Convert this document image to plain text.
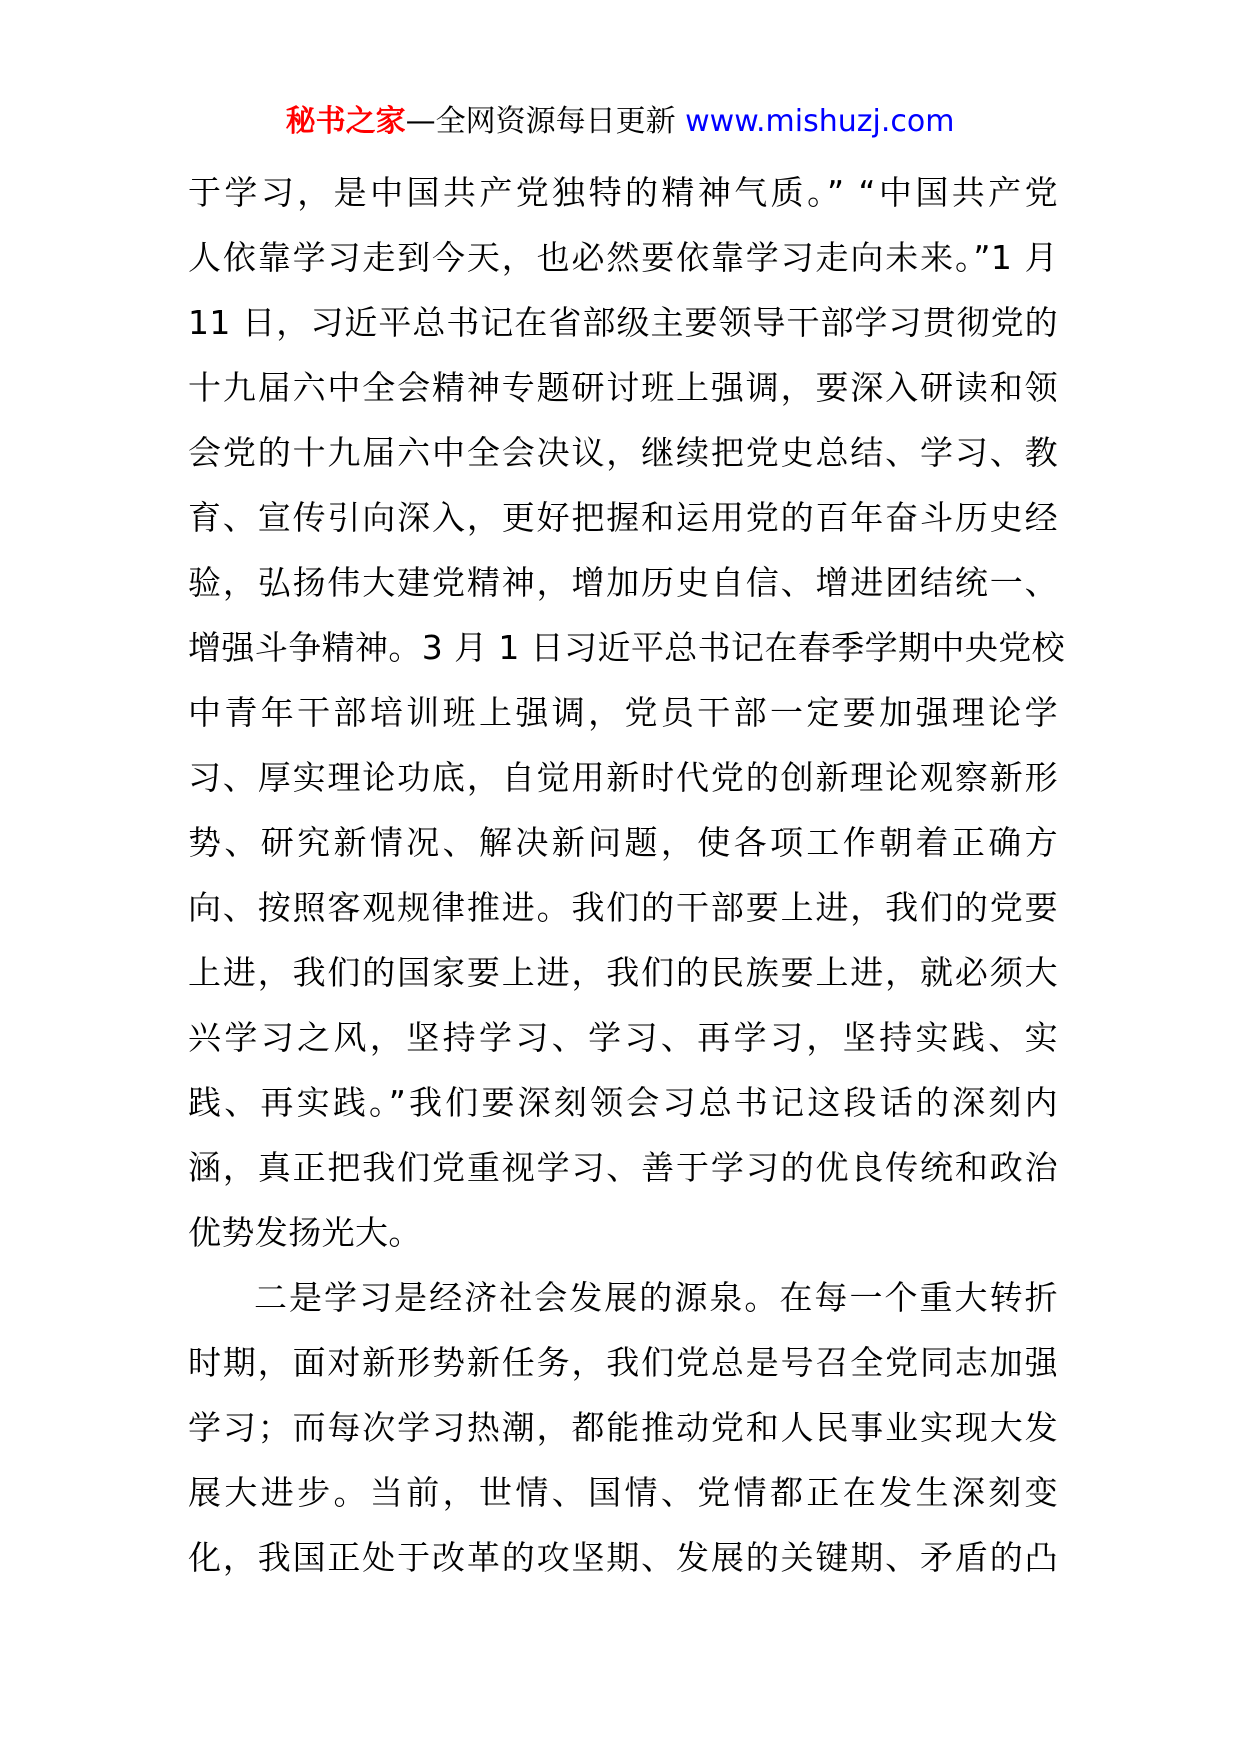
秘书之家—全网资源每日更新 www.mishuzj.com
于学习，是中国共产党独特的精神气质。” “中国共产党
人依靠学习走到今天，也必然要依靠学习走向未来。”1 月
11 日，习近平总书记在省部级主要领导干部学习贯彻党的
十九届六中全会精神专题研讨班上强调，要深入研读和领
会党的十九届六中全会决议，继续把党史总结、学习、教
育、宣传引向深入，更好把握和运用党的百年奋斗历史经
验，弘扬伟大建党精神，增加历史自信、增进团结统一、
增强斗争精神。3 月 1 日习近平总书记在春季学期中央党校
中青年干部培训班上强调，党员干部一定要加强理论学
习、厚实理论功底，自觉用新时代党的创新理论观察新形
势、研究新情况、解决新问题，使各项工作朝着正确方
向、按照客观规律推进。我们的干部要上进，我们的党要
上进，我们的国家要上进，我们的民族要上进，就必须大
兴学习之风，坚持学习、学习、再学习，坚持实践、实
践、再实践。”我们要深刻领会习总书记这段话的深刻内
涵，真正把我们党重视学习、善于学习的优良传统和政治
优势发扬光大。
二是学习是经济社会发展的源泉。在每一个重大转折
时期，面对新形势新任务，我们党总是号召全党同志加强
学习；而每次学习热潮，都能推动党和人民事业实现大发
展大进步。当前，世情、国情、党情都正在发生深刻变
化，我国正处于改革的攻坚期、发展的关键期、矛盾的凸
